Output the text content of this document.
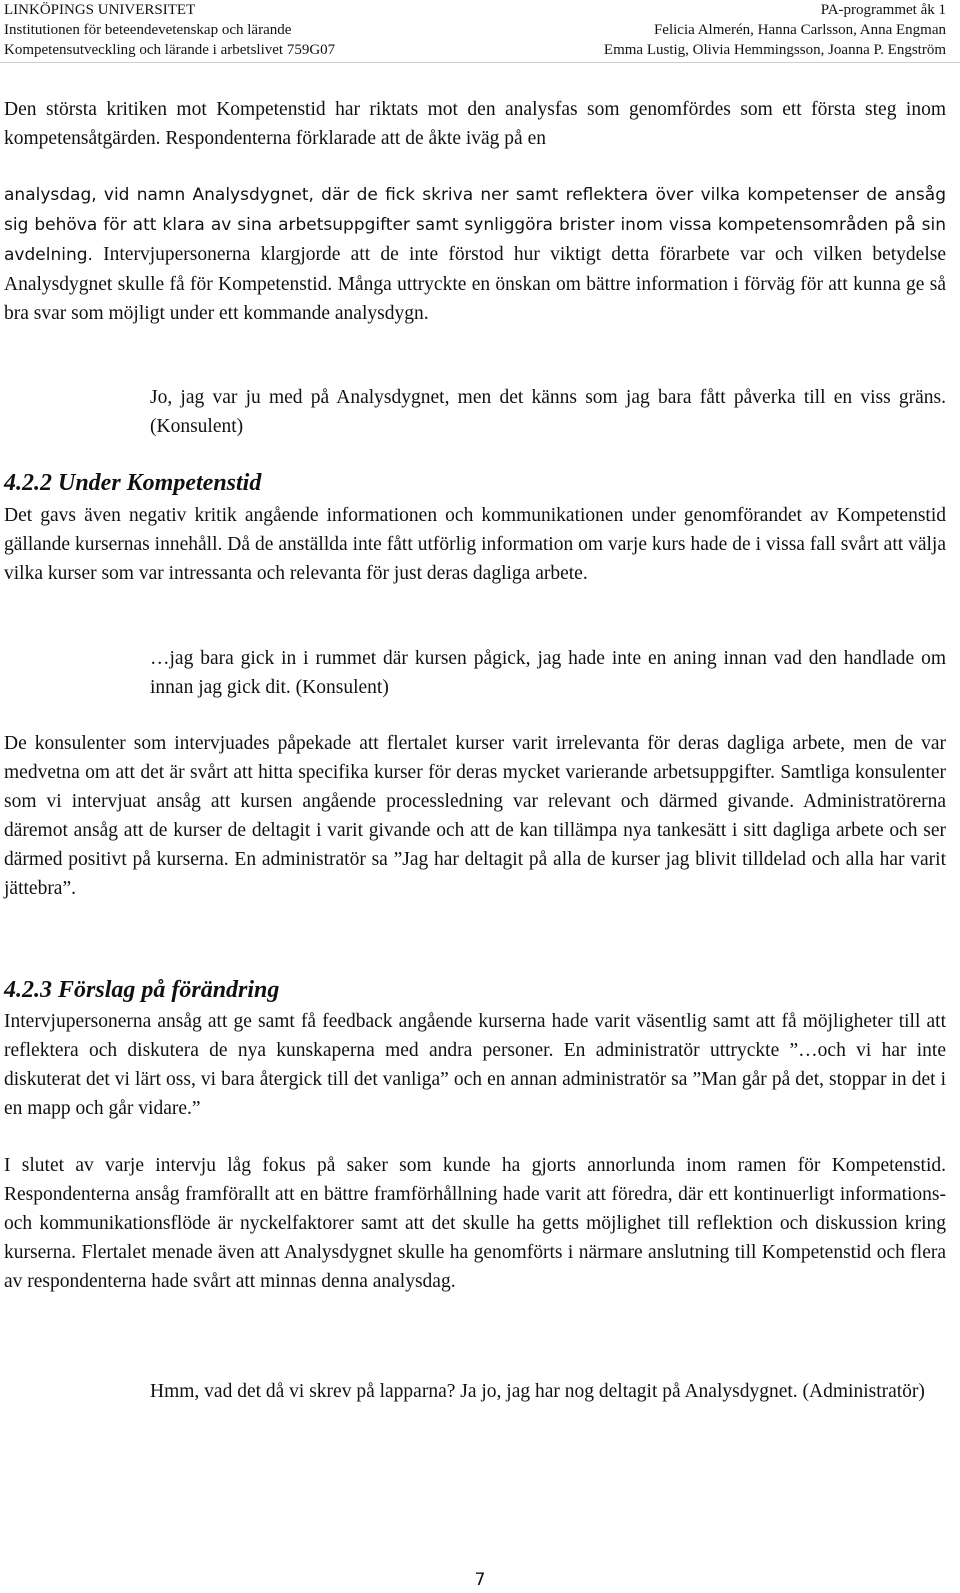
LINKÖPINGS UNIVERSITET
Institutionen för beteendevetenskap och lärande
Kompetensutveckling och lärande i arbetslivet 759G07
PA-programmet åk 1
Felicia Almerén, Hanna Carlsson, Anna Engman
Emma Lustig, Olivia Hemmingsson, Joanna P. Engström

Den största kritiken mot Kompetenstid har riktats mot den analysfas som genomfördes som ett första steg inom kompetensåtgärden. Respondenterna förklarade att de åkte iväg på en

analysdag, vid namn Analysdygnet, där de fick skriva ner samt reflektera över vilka kompetenser de ansåg sig behöva för att klara av sina arbetsuppgifter samt synliggöra brister inom vissa kompetensområden på sin avdelning. Intervjupersonerna klargjorde att de inte förstod hur viktigt detta förarbete var och vilken betydelse Analysdygnet skulle få för Kompetenstid. Många uttryckte en önskan om bättre information i förväg för att kunna ge så bra svar som möjligt under ett kommande analysdygn.

Jo, jag var ju med på Analysdygnet, men det känns som jag bara fått påverka till en viss gräns. (Konsulent)

4.2.2 Under Kompetenstid

Det gavs även negativ kritik angående informationen och kommunikationen under genomförandet av Kompetenstid gällande kursernas innehåll. Då de anställda inte fått utförlig information om varje kurs hade de i vissa fall svårt att välja vilka kurser som var intressanta och relevanta för just deras dagliga arbete.

…jag bara gick in i rummet där kursen pågick, jag hade inte en aning innan vad den handlade om innan jag gick dit. (Konsulent)

De konsulenter som intervjuades påpekade att flertalet kurser varit irrelevanta för deras dagliga arbete, men de var medvetna om att det är svårt att hitta specifika kurser för deras mycket varierande arbetsuppgifter. Samtliga konsulenter som vi intervjuat ansåg att kursen angående processledning var relevant och därmed givande. Administratörerna däremot ansåg att de kurser de deltagit i varit givande och att de kan tillämpa nya tankesätt i sitt dagliga arbete och ser därmed positivt på kurserna. En administratör sa ”Jag har deltagit på alla de kurser jag blivit tilldelad och alla har varit jättebra”.

4.2.3 Förslag på förändring

Intervjupersonerna ansåg att ge samt få feedback angående kurserna hade varit väsentlig samt att få möjligheter till att reflektera och diskutera de nya kunskaperna med andra personer. En administratör uttryckte ”…och vi har inte diskuterat det vi lärt oss, vi bara återgick till det vanliga” och en annan administratör sa ”Man går på det, stoppar in det i en mapp och går vidare.”

I slutet av varje intervju låg fokus på saker som kunde ha gjorts annorlunda inom ramen för Kompetenstid. Respondenterna ansåg framförallt att en bättre framförhållning hade varit att föredra, där ett kontinuerligt informations- och kommunikationsflöde är nyckelfaktorer samt att det skulle ha getts möjlighet till reflektion och diskussion kring kurserna. Flertalet menade även att Analysdygnet skulle ha genomförts i närmare anslutning till Kompetenstid och flera av respondenterna hade svårt att minnas denna analysdag.

Hmm, vad det då vi skrev på lapparna? Ja jo, jag har nog deltagit på Analysdygnet. (Administratör)

7
